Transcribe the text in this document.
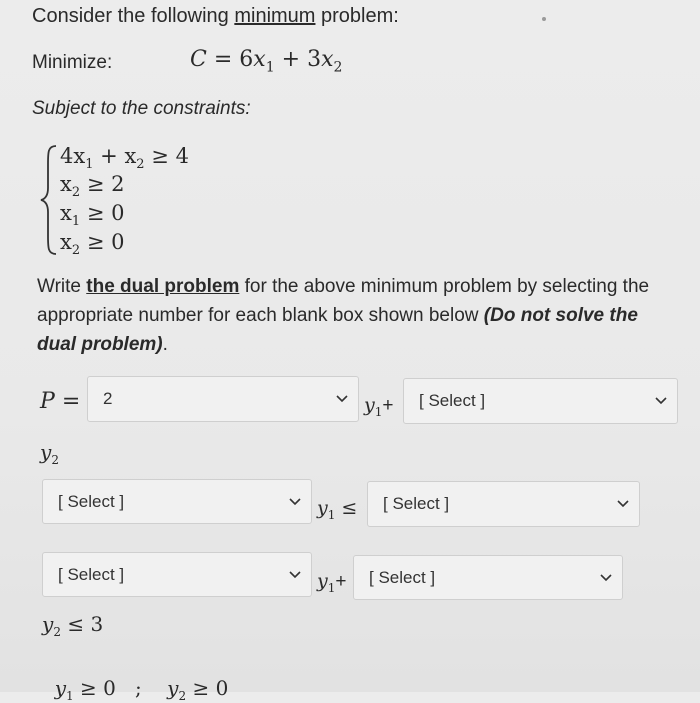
Consider the following minimum problem:
Minimize:	$C = 6x_1 + 3x_2$
Subject to the constraints:
$4x_1 + x_2 \ge 4$
$x_2 \ge 2$
$x_1 \ge 0$
$x_2 \ge 0$
Write the dual problem for the above minimum problem by selecting the appropriate number for each blank box shown below (Do not solve the dual problem).
P = 2	$y_1+$ [ Select ]
$y_2$
[ Select ]	$y_1$ ≤ [ Select ]
[ Select ]	$y_1+$ [ Select ]
$y_2 \le 3$

$y_1 \ge 0$ ; $y_2 \ge 0$
